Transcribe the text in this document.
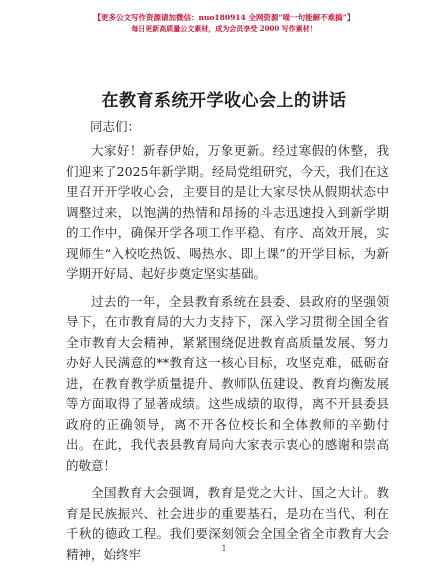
【更多公文写作资源请加微信：nuo180914 全网资源“喵一句能解不难搞”】
每日更新高质量公文素材，成为会员享受 2000 写作素材！
在教育系统开学收心会上的讲话
同志们：

大家好！新春伊始，万象更新。经过寒假的休整，我们迎来了2025年新学期。经局党组研究，今天，我们在这里召开开学收心会，主要目的是让大家尽快从假期状态中调整过来，以饱满的热情和昂扬的斗志迅速投入到新学期的工作中，确保开学各项工作平稳、有序、高效开展，实现师生“入校吃热饭、喝热水、即上课”的开学目标，为新学期开好局、起好步奠定坚实基础。

过去的一年，全县教育系统在县委、县政府的坚强领导下，在市教育局的大力支持下，深入学习贯彻全国全省全市教育大会精神，紧紧围绕促进教育高质量发展、努力办好人民满意的**教育这一核心目标，攻坚克难，砥砺奋进，在教育教学质量提升、教师队伍建设、教育均衡发展等方面取得了显著成绩。这些成绩的取得，离不开县委县政府的正确领导，离不开各位校长和全体教师的辛勤付出。在此，我代表县教育局向大家表示衷心的感谢和崇高的敬意！

全国教育大会强调，教育是党之大计、国之大计。教育是民族振兴、社会进步的重要基石，是功在当代、利在千秋的德政工程。我们要深刻领会全国全省全市教育大会精神，始终牢	1
